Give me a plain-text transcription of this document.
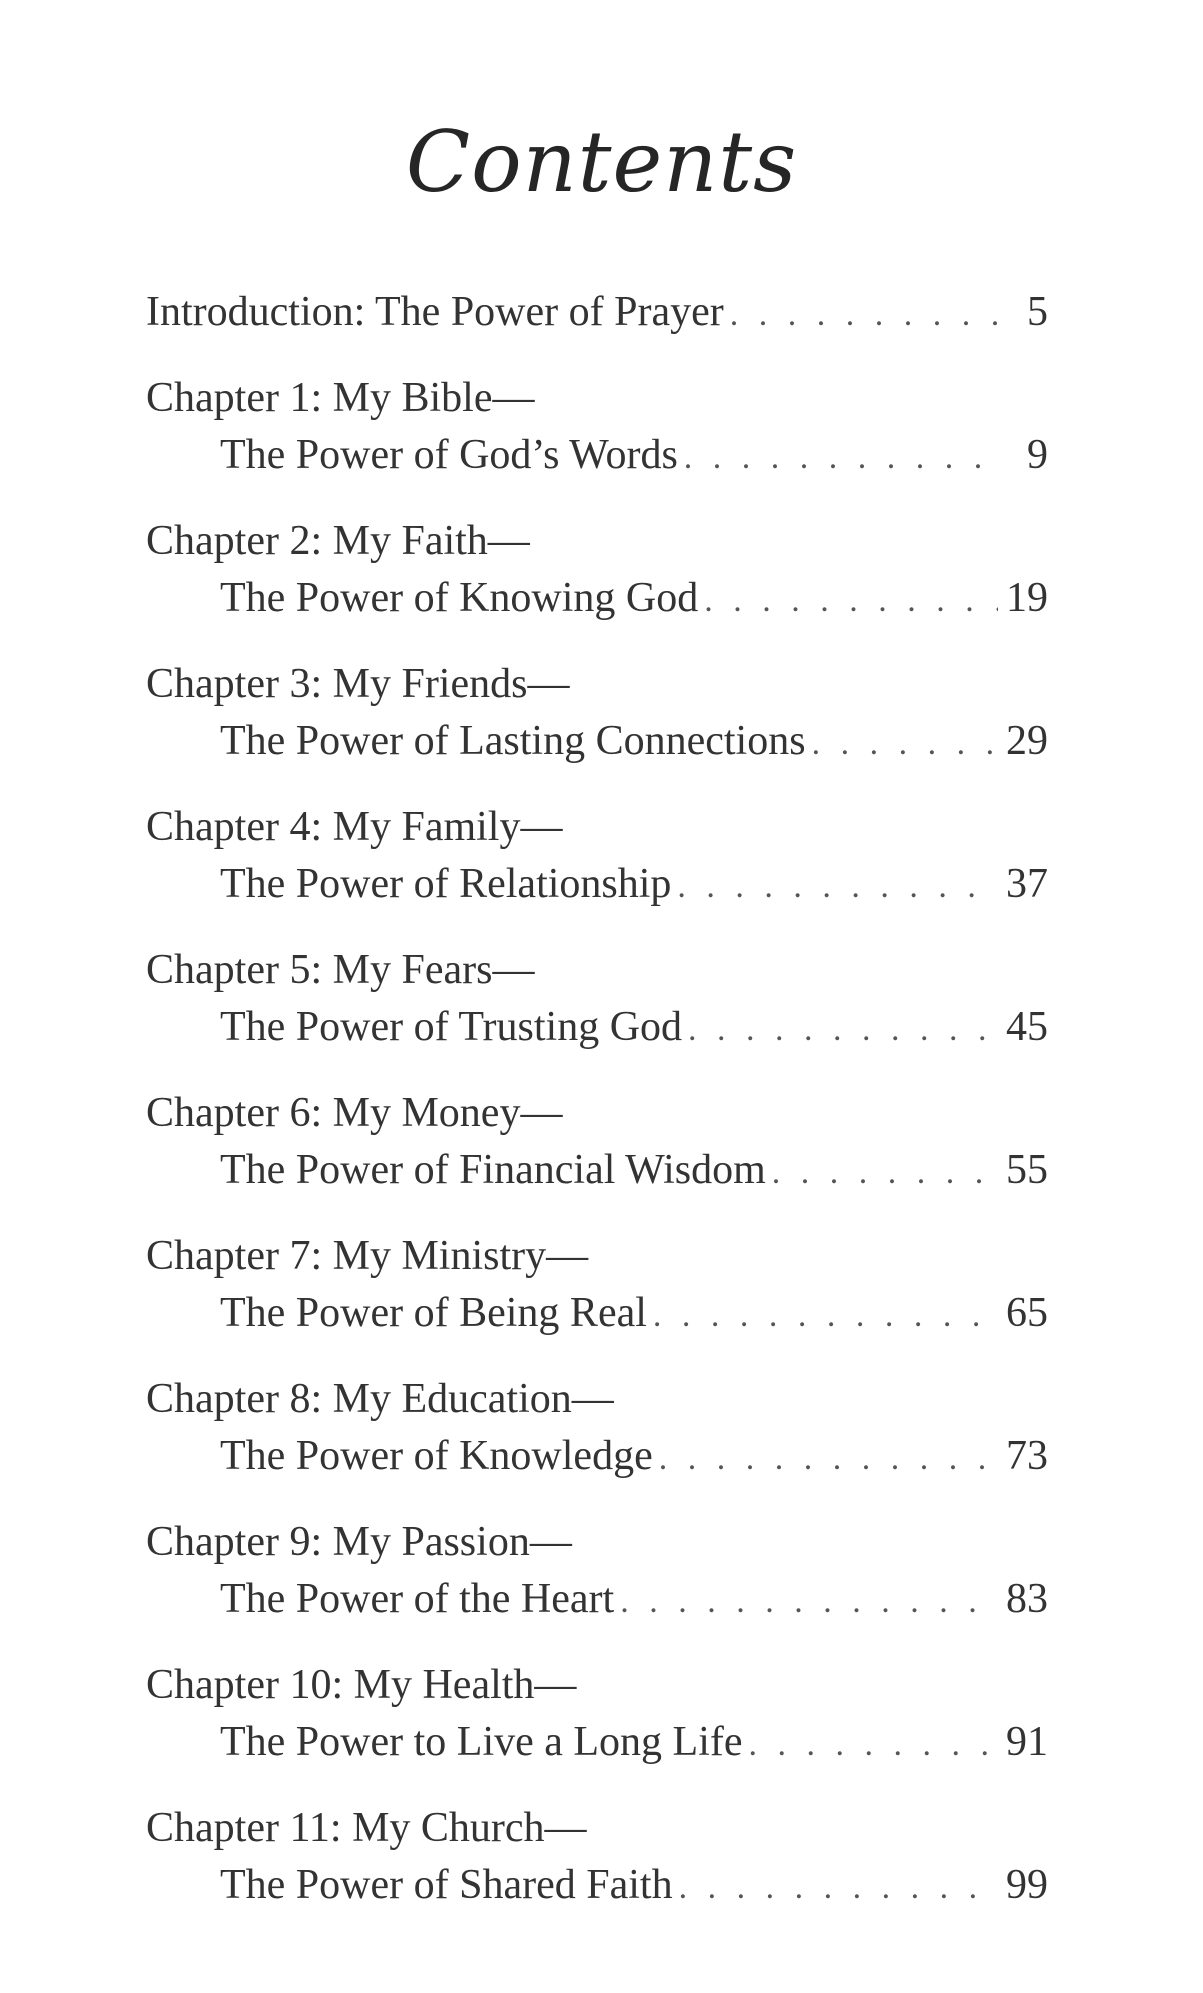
Contents
Introduction: The Power of Prayer . . .	5
Chapter 1: My Bible—
The Power of God’s Words . . .	9
Chapter 2: My Faith—
The Power of Knowing God . . .	19
Chapter 3: My Friends—
The Power of Lasting Connections . . .	29
Chapter 4: My Family—
The Power of Relationship . . .	37
Chapter 5: My Fears—
The Power of Trusting God . . .	45
Chapter 6: My Money—
The Power of Financial Wisdom . . .	55
Chapter 7: My Ministry—
The Power of Being Real . . .	65
Chapter 8: My Education—
The Power of Knowledge . . .	73
Chapter 9: My Passion—
The Power of the Heart . . .	83
Chapter 10: My Health—
The Power to Live a Long Life . . .	91
Chapter 11: My Church—
The Power of Shared Faith . . .	99
